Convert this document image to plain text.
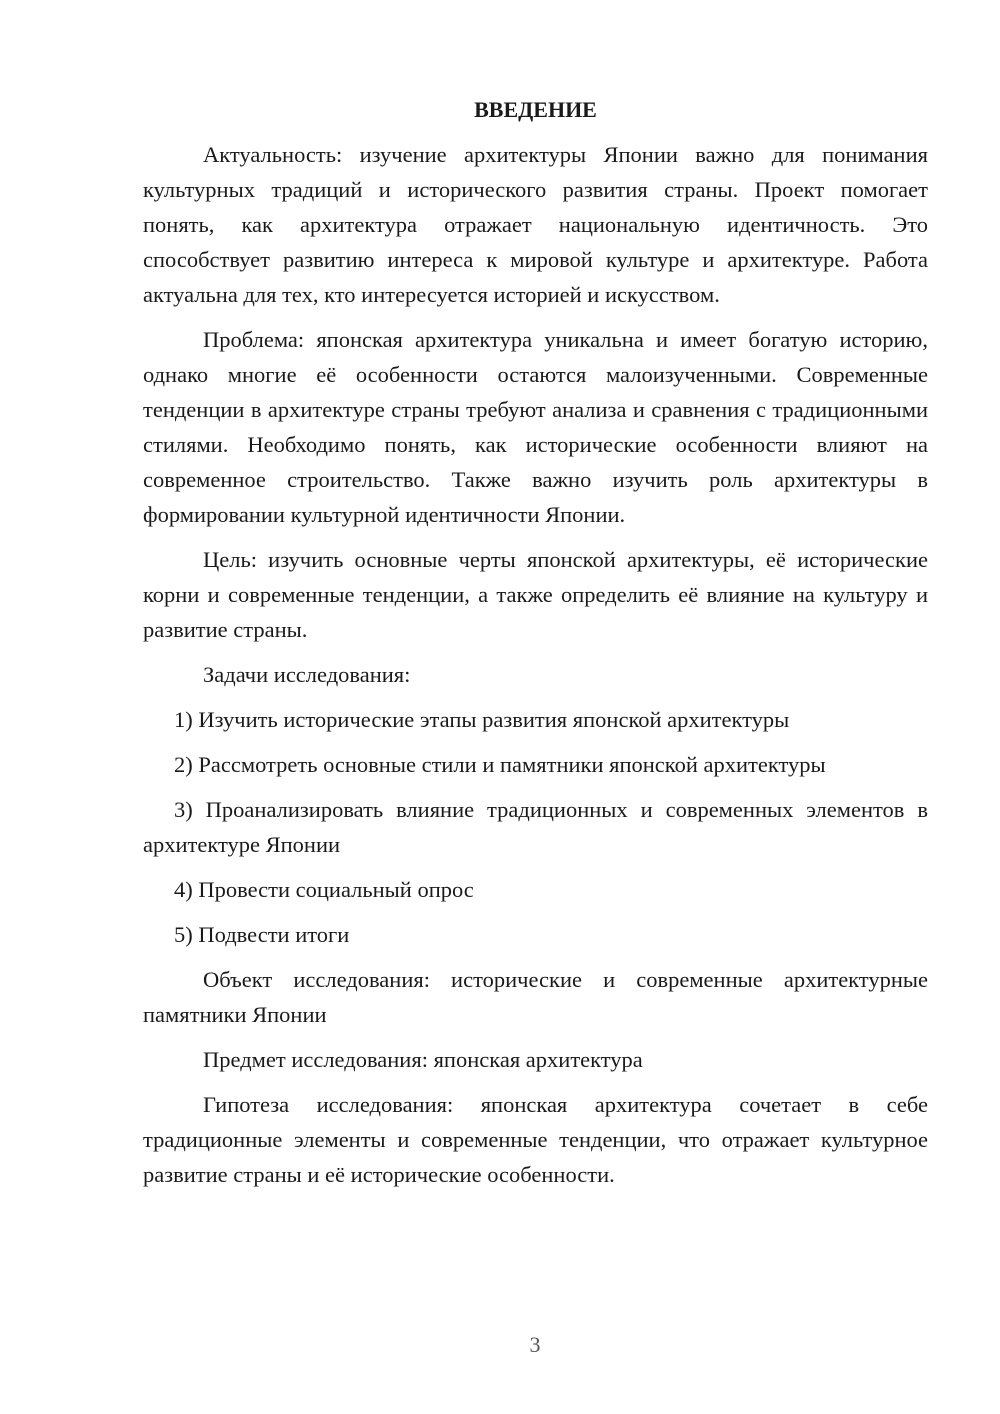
ВВЕДЕНИЕ

Актуальность: изучение архитектуры Японии важно для понимания культурных традиций и исторического развития страны. Проект помогает понять, как архитектура отражает национальную идентичность. Это способствует развитию интереса к мировой культуре и архитектуре. Работа актуальна для тех, кто интересуется историей и искусством.

Проблема: японская архитектура уникальна и имеет богатую историю, однако многие её особенности остаются малоизученными. Современные тенденции в архитектуре страны требуют анализа и сравнения с традиционными стилями. Необходимо понять, как исторические особенности влияют на современное строительство. Также важно изучить роль архитектуры в формировании культурной идентичности Японии.

Цель: изучить основные черты японской архитектуры, её исторические корни и современные тенденции, а также определить её влияние на культуру и развитие страны.

Задачи исследования:

1) Изучить исторические этапы развития японской архитектуры

2) Рассмотреть основные стили и памятники японской архитектуры

3) Проанализировать влияние традиционных и современных элементов в архитектуре Японии

4) Провести социальный опрос

5) Подвести итоги

Объект исследования: исторические и современные архитектурные памятники Японии

Предмет исследования: японская архитектура

Гипотеза исследования: японская архитектура сочетает в себе традиционные элементы и современные тенденции, что отражает культурное развитие страны и её исторические особенности.

3
